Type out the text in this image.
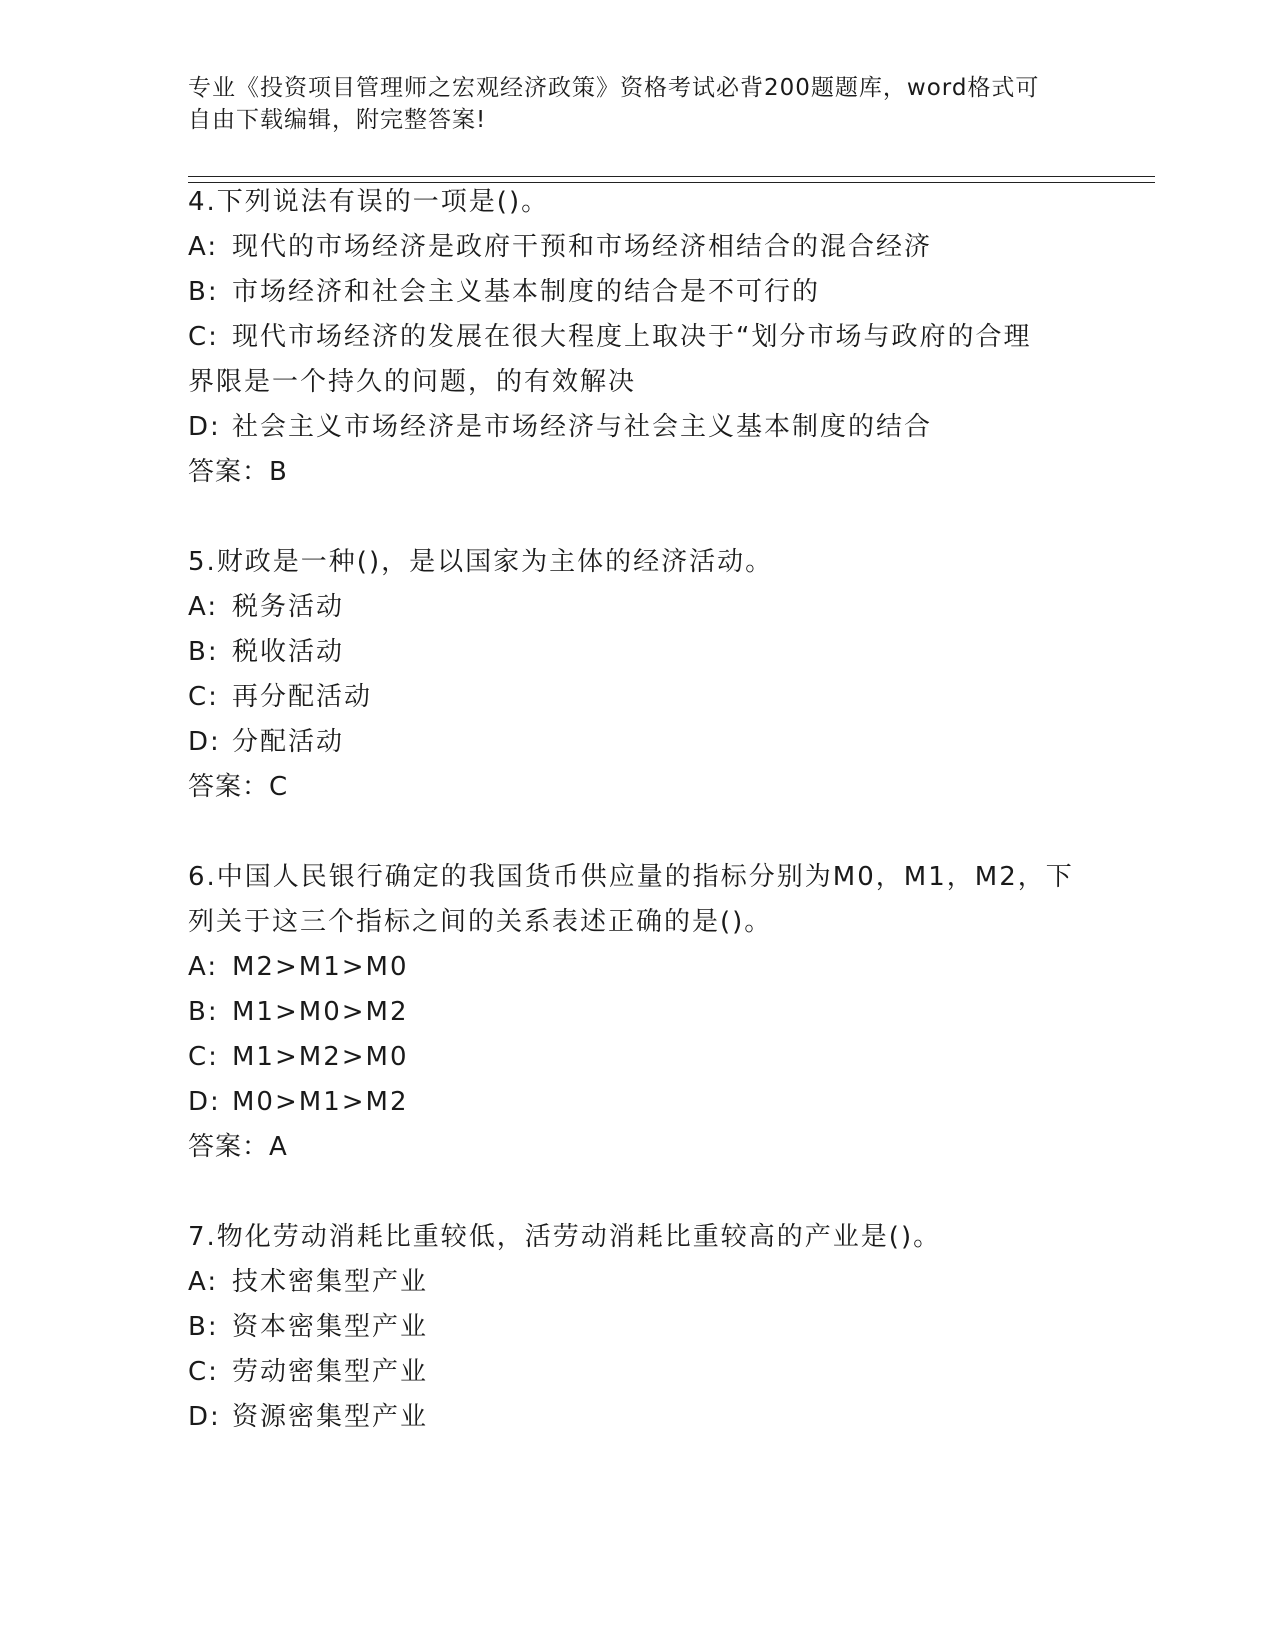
专业《投资项目管理师之宏观经济政策》资格考试必背200题题库，word格式可
自由下载编辑，附完整答案!
4.下列说法有误的一项是()。
A: 现代的市场经济是政府干预和市场经济相结合的混合经济
B: 市场经济和社会主义基本制度的结合是不可行的
C: 现代市场经济的发展在很大程度上取决于“划分市场与政府的合理
界限是一个持久的问题，的有效解决
D: 社会主义市场经济是市场经济与社会主义基本制度的结合
答案：B
5.财政是一种()，是以国家为主体的经济活动。
A: 税务活动
B: 税收活动
C: 再分配活动
D: 分配活动
答案：C
6.中国人民银行确定的我国货币供应量的指标分别为M0，M1，M2，下
列关于这三个指标之间的关系表述正确的是()。
A: M2>M1>M0
B: M1>M0>M2
C: M1>M2>M0
D: M0>M1>M2
答案：A
7.物化劳动消耗比重较低，活劳动消耗比重较高的产业是()。
A: 技术密集型产业
B: 资本密集型产业
C: 劳动密集型产业
D: 资源密集型产业
